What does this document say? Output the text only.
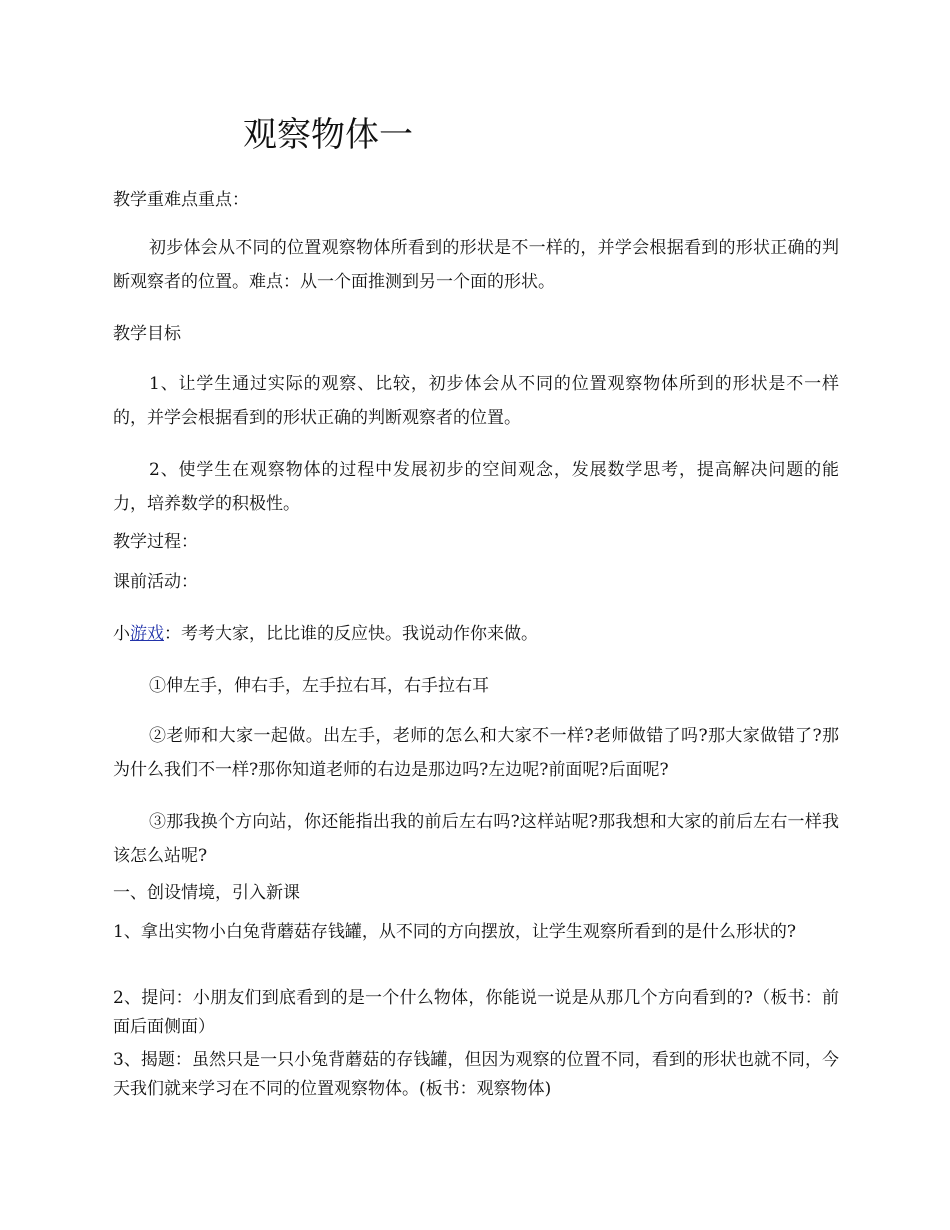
观察物体一

教学重难点重点：

初步体会从不同的位置观察物体所看到的形状是不一样的，并学会根据看到的形状正确的判断观察者的位置。难点：从一个面推测到另一个面的形状。

教学目标

1、让学生通过实际的观察、比较，初步体会从不同的位置观察物体所到的形状是不一样的，并学会根据看到的形状正确的判断观察者的位置。

2、使学生在观察物体的过程中发展初步的空间观念，发展数学思考，提高解决问题的能力，培养数学的积极性。

教学过程：

课前活动：

小游戏：考考大家，比比谁的反应快。我说动作你来做。

①伸左手，伸右手，左手拉右耳，右手拉右耳

②老师和大家一起做。出左手，老师的怎么和大家不一样?老师做错了吗?那大家做错了?那为什么我们不一样?那你知道老师的右边是那边吗?左边呢?前面呢?后面呢?

③那我换个方向站，你还能指出我的前后左右吗?这样站呢?那我想和大家的前后左右一样我该怎么站呢?

一、创设情境，引入新课

1、拿出实物小白兔背蘑菇存钱罐，从不同的方向摆放，让学生观察所看到的是什么形状的?

2、提问：小朋友们到底看到的是一个什么物体，你能说一说是从那几个方向看到的?（板书：前面后面侧面）

3、揭题：虽然只是一只小兔背蘑菇的存钱罐，但因为观察的位置不同，看到的形状也就不同，今天我们就来学习在不同的位置观察物体。(板书：观察物体)
